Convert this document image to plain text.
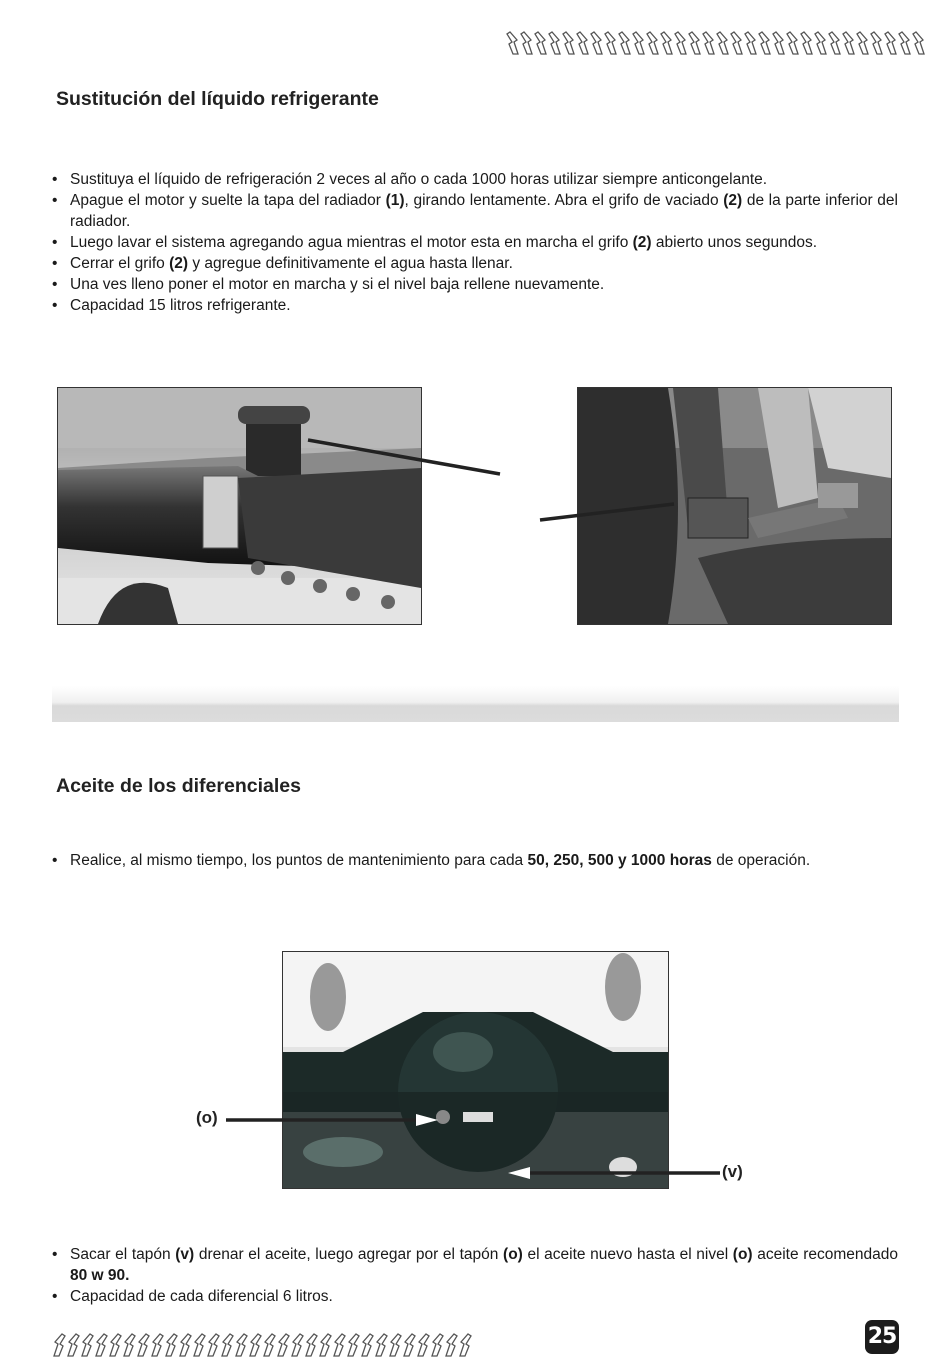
Sustitución del líquido refrigerante
• Sustituya el líquido de refrigeración 2 veces al año o cada 1000 horas utilizar siempre anticongelante.
• Apague el motor y suelte la tapa del radiador (1), girando lentamente. Abra el grifo de vaciado (2) de la parte inferior del radiador.
• Luego lavar el sistema agregando agua mientras el motor esta en marcha el grifo (2) abierto unos segundos.
• Cerrar el grifo (2) y agregue definitivamente el agua hasta llenar.
• Una ves lleno poner el motor en marcha y si el nivel baja rellene nuevamente.
• Capacidad 15 litros refrigerante.
Aceite de los diferenciales
• Realice, al mismo tiempo, los puntos de mantenimiento para cada 50, 250, 500 y 1000 horas de operación.
(o)
(v)
• Sacar el tapón (v) drenar el aceite, luego agregar por el tapón (o) el aceite nuevo hasta el nivel (o) aceite recomendado 80 w 90.
• Capacidad de cada diferencial 6 litros.
25
